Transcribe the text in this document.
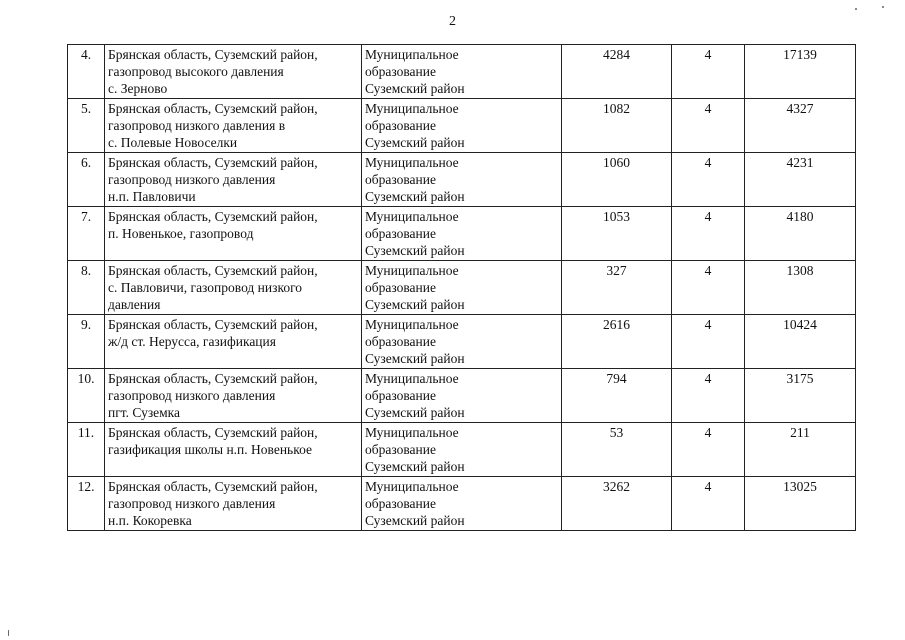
2
4.	Брянская область, Суземский район,
газопровод высокого давления
с. Зерново	Муниципальное
образование
Суземский район	4284	4	17139
5.	Брянская область, Суземский район,
газопровод низкого давления в
с. Полевые Новоселки	Муниципальное
образование
Суземский район	1082	4	4327
6.	Брянская область, Суземский район,
газопровод низкого давления
н.п. Павловичи	Муниципальное
образование
Суземский район	1060	4	4231
7.	Брянская область, Суземский район,
п. Новенькое, газопровод	Муниципальное
образование
Суземский район	1053	4	4180
8.	Брянская область, Суземский район,
с. Павловичи, газопровод низкого
давления	Муниципальное
образование
Суземский район	327	4	1308
9.	Брянская область, Суземский район,
ж/д ст. Нерусса, газификация	Муниципальное
образование
Суземский район	2616	4	10424
10.	Брянская область, Суземский район,
газопровод низкого давления
пгт. Суземка	Муниципальное
образование
Суземский район	794	4	3175
11.	Брянская область, Суземский район,
газификация школы н.п. Новенькое	Муниципальное
образование
Суземский район	53	4	211
12.	Брянская область, Суземский район,
газопровод низкого давления
н.п. Кокоревка	Муниципальное
образование
Суземский район	3262	4	13025
